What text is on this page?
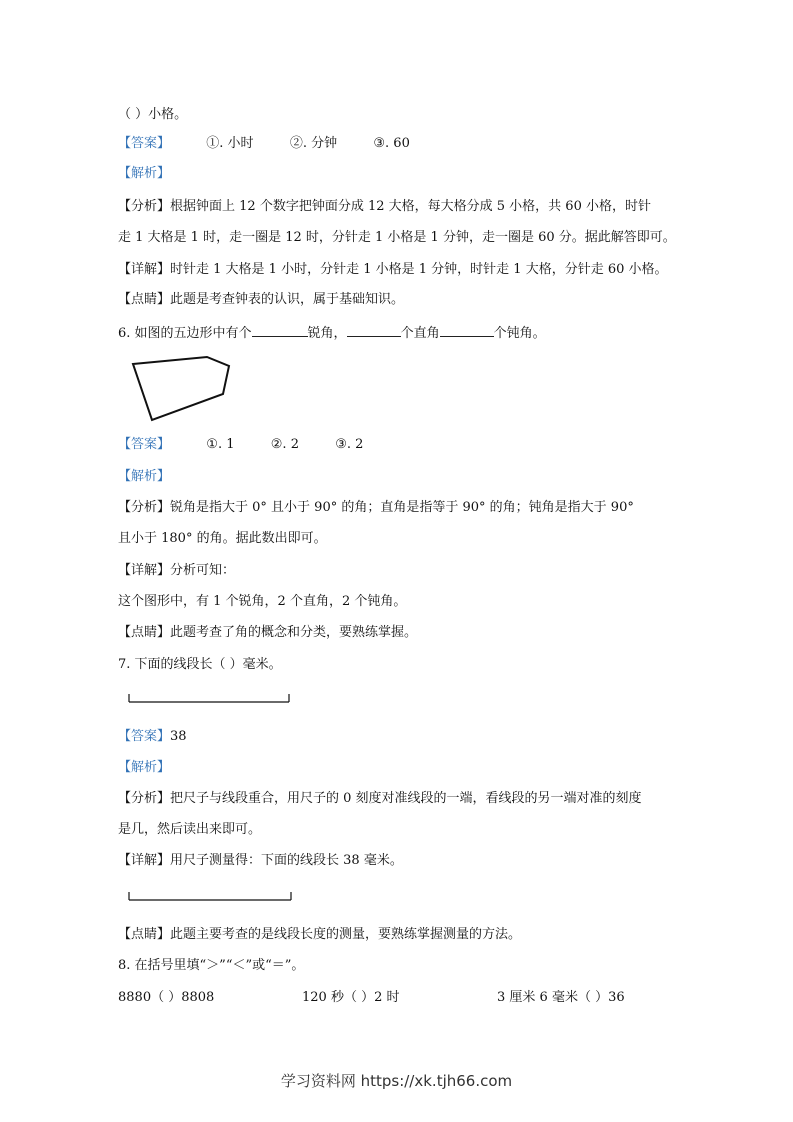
（ ）小格。
【答案】	①. 小时	②. 分钟	③. 60
【解析】
【分析】根据钟面上 12 个数字把钟面分成 12 大格，每大格分成 5 小格，共 60 小格，时针
走 1 大格是 1 时，走一圈是 12 时，分针走 1 小格是 1 分钟，走一圈是 60 分。据此解答即可。
【详解】时针走 1 大格是 1 小时，分针走 1 小格是 1 分钟，时针走 1 大格，分针走 60 小格。
【点睛】此题是考查钟表的认识，属于基础知识。
6. 如图的五边形中有个	锐角，	个直角	个钝角。
【答案】	①. 1	②. 2	③. 2
【解析】
【分析】锐角是指大于 0° 且小于 90° 的角；直角是指等于 90° 的角；钝角是指大于 90°
且小于 180° 的角。据此数出即可。
【详解】分析可知：
这个图形中，有 1 个锐角，2 个直角，2 个钝角。
【点睛】此题考查了角的概念和分类，要熟练掌握。
7. 下面的线段长（ ）毫米。
【答案】38
【解析】
【分析】把尺子与线段重合，用尺子的 0 刻度对准线段的一端，看线段的另一端对准的刻度
是几，然后读出来即可。
【详解】用尺子测量得：下面的线段长 38 毫米。
【点睛】此题主要考查的是线段长度的测量，要熟练掌握测量的方法。
8. 在括号里填“＞”“＜”或“＝”。
8880（ ）8808	120 秒（ ）2 时	3 厘米 6 毫米（ ）36
学习资料网 https://xk.tjh66.com
